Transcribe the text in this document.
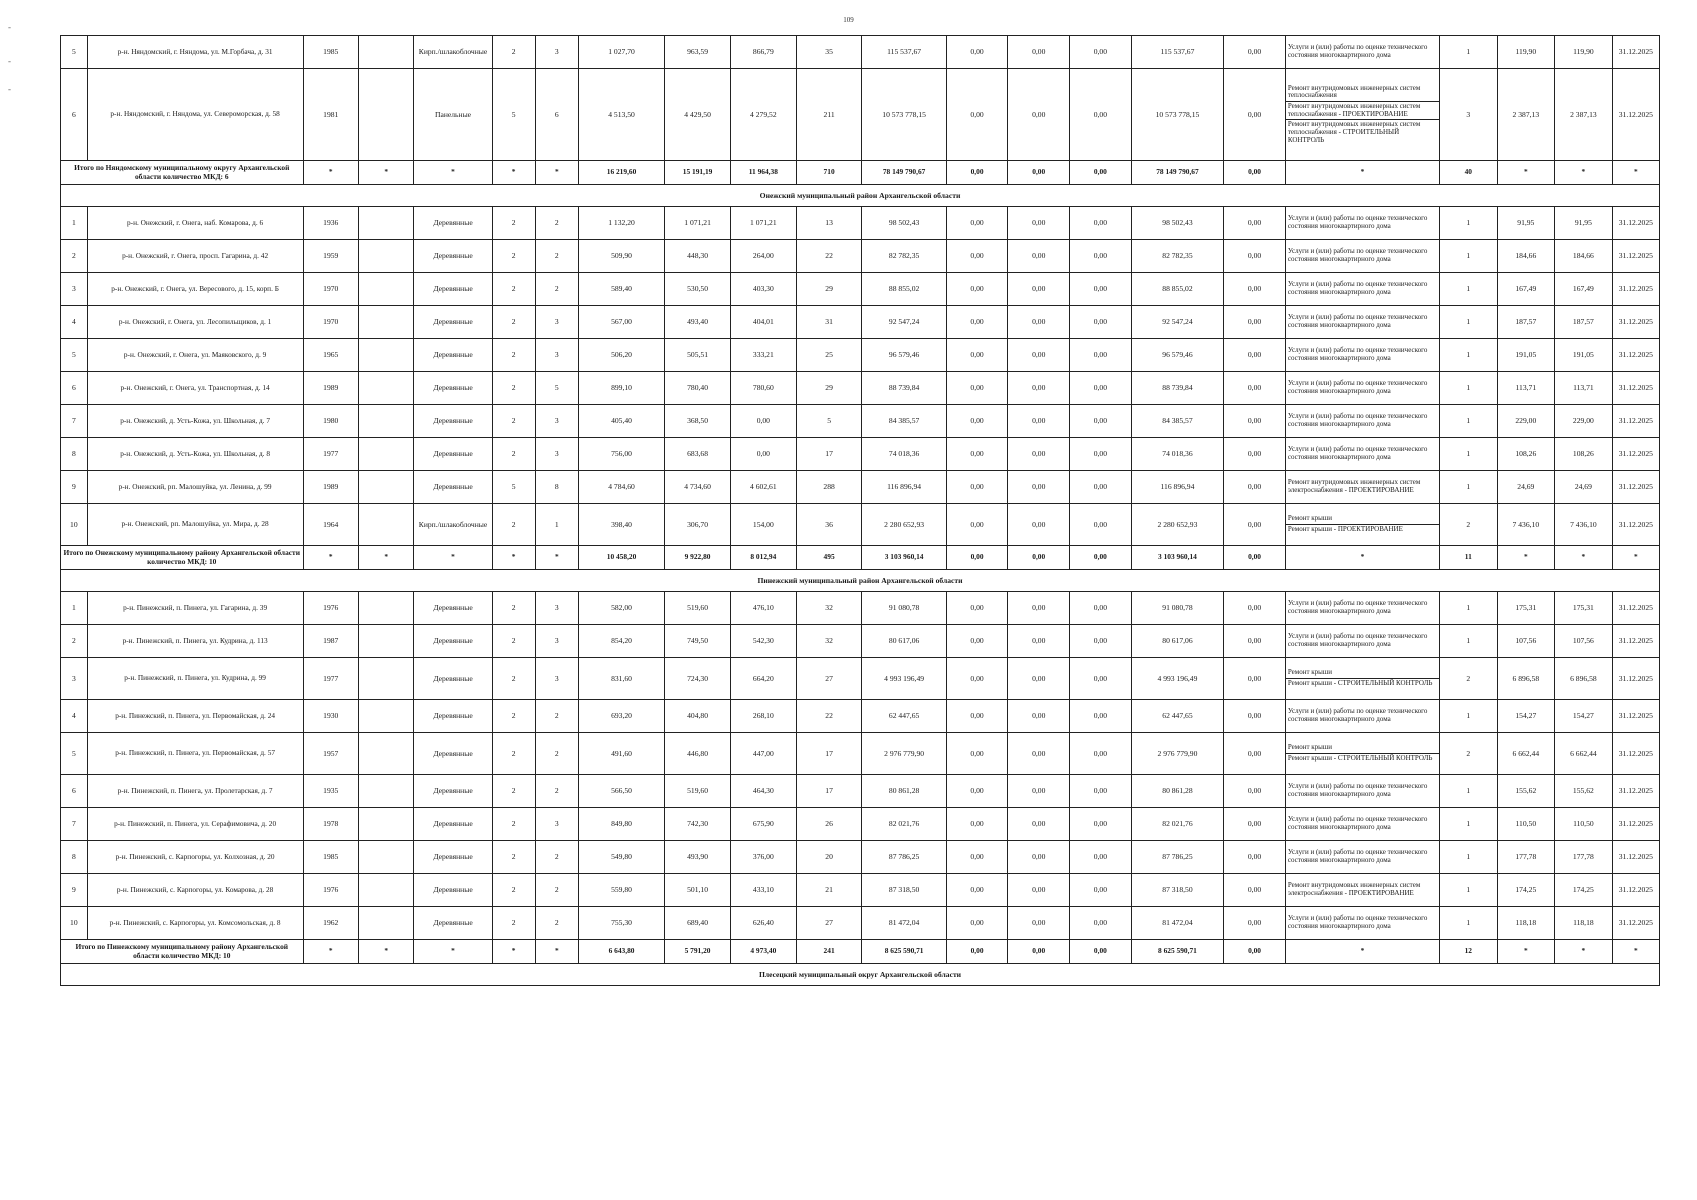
109
-
-
-
5	р-н. Няндомский, г. Няндома, ул. М.Горбача, д. 31	1985		Кирп./шлакоблочные	2	3	1 027,70	963,59	866,79	35	115 537,67	0,00	0,00	0,00	115 537,67	0,00	Услуги и (или) работы по оценке технического состояния многоквартирного дома	1	119,90	119,90	31.12.2025
6	р-н. Няндомский, г. Няндома, ул. Североморская, д. 58	1981		Панельные	5	6	4 513,50	4 429,50	4 279,52	211	10 573 778,15	0,00	0,00	0,00	10 573 778,15	0,00	Ремонт внутридомовых инженерных систем теплоснабжения
Ремонт внутридомовых инженерных систем теплоснабжения - ПРОЕКТИРОВАНИЕ
Ремонт внутридомовых инженерных систем теплоснабжения - СТРОИТЕЛЬНЫЙ КОНТРОЛЬ	3	2 387,13	2 387,13	31.12.2025
Итого по Няндомскому муниципальному округу Архангельской области количество МКД: 6		*	*	*	*	*	16 219,60	15 191,19	11 964,38	710	78 149 790,67	0,00	0,00	0,00	78 149 790,67	0,00	*	40	*	*	*
Онежский муниципальный район Архангельской области																					
1	р-н. Онежский, г. Онега, наб. Комарова, д. 6	1936		Деревянные	2	2	1 132,20	1 071,21	1 071,21	13	98 502,43	0,00	0,00	0,00	98 502,43	0,00	Услуги и (или) работы по оценке технического состояния многоквартирного дома	1	91,95	91,95	31.12.2025
2	р-н. Онежский, г. Онега, просп. Гагарина, д. 42	1959		Деревянные	2	2	509,90	448,30	264,00	22	82 782,35	0,00	0,00	0,00	82 782,35	0,00	Услуги и (или) работы по оценке технического состояния многоквартирного дома	1	184,66	184,66	31.12.2025
3	р-н. Онежский, г. Онега, ул. Вересового, д. 15, корп. Б	1970		Деревянные	2	2	589,40	530,50	403,30	29	88 855,02	0,00	0,00	0,00	88 855,02	0,00	Услуги и (или) работы по оценке технического состояния многоквартирного дома	1	167,49	167,49	31.12.2025
4	р-н. Онежский, г. Онега, ул. Лесопильщиков, д. 1	1970		Деревянные	2	3	567,00	493,40	404,01	31	92 547,24	0,00	0,00	0,00	92 547,24	0,00	Услуги и (или) работы по оценке технического состояния многоквартирного дома	1	187,57	187,57	31.12.2025
5	р-н. Онежский, г. Онега, ул. Маяковского, д. 9	1965		Деревянные	2	3	506,20	505,51	333,21	25	96 579,46	0,00	0,00	0,00	96 579,46	0,00	Услуги и (или) работы по оценке технического состояния многоквартирного дома	1	191,05	191,05	31.12.2025
6	р-н. Онежский, г. Онега, ул. Транспортная, д. 14	1989		Деревянные	2	5	899,10	780,40	780,60	29	88 739,84	0,00	0,00	0,00	88 739,84	0,00	Услуги и (или) работы по оценке технического состояния многоквартирного дома	1	113,71	113,71	31.12.2025
7	р-н. Онежский, д. Усть-Кожа, ул. Школьная, д. 7	1980		Деревянные	2	3	405,40	368,50	0,00	5	84 385,57	0,00	0,00	0,00	84 385,57	0,00	Услуги и (или) работы по оценке технического состояния многоквартирного дома	1	229,00	229,00	31.12.2025
8	р-н. Онежский, д. Усть-Кожа, ул. Школьная, д. 8	1977		Деревянные	2	3	756,00	683,68	0,00	17	74 018,36	0,00	0,00	0,00	74 018,36	0,00	Услуги и (или) работы по оценке технического состояния многоквартирного дома	1	108,26	108,26	31.12.2025
9	р-н. Онежский, рп. Малошуйка, ул. Ленина, д. 99	1989		Деревянные	5	8	4 784,60	4 734,60	4 602,61	288	116 896,94	0,00	0,00	0,00	116 896,94	0,00	Ремонт внутридомовых инженерных систем электроснабжения - ПРОЕКТИРОВАНИЕ	1	24,69	24,69	31.12.2025
10	р-н. Онежский, рп. Малошуйка, ул. Мира, д. 28	1964		Кирп./шлакоблочные	2	1	398,40	306,70	154,00	36	2 280 652,93	0,00	0,00	0,00	2 280 652,93	0,00	Ремонт крыши
Ремонт крыши - ПРОЕКТИРОВАНИЕ	2	7 436,10	7 436,10	31.12.2025
Итого по Онежскому муниципальному району Архангельской области количество МКД: 10		*	*	*	*	*	10 458,20	9 922,80	8 012,94	495	3 103 960,14	0,00	0,00	0,00	3 103 960,14	0,00	*	11	*	*	*
Пинежский муниципальный район Архангельской области																					
1	р-н. Пинежский, п. Пинега, ул. Гагарина, д. 39	1976		Деревянные	2	3	582,00	519,60	476,10	32	91 080,78	0,00	0,00	0,00	91 080,78	0,00	Услуги и (или) работы по оценке технического состояния многоквартирного дома	1	175,31	175,31	31.12.2025
2	р-н. Пинежский, п. Пинега, ул. Кудрина, д. 113	1987		Деревянные	2	3	854,20	749,50	542,30	32	80 617,06	0,00	0,00	0,00	80 617,06	0,00	Услуги и (или) работы по оценке технического состояния многоквартирного дома	1	107,56	107,56	31.12.2025
3	р-н. Пинежский, п. Пинега, ул. Кудрина, д. 99	1977		Деревянные	2	3	831,60	724,30	664,20	27	4 993 196,49	0,00	0,00	0,00	4 993 196,49	0,00	Ремонт крыши
Ремонт крыши - СТРОИТЕЛЬНЫЙ КОНТРОЛЬ	2	6 896,58	6 896,58	31.12.2025
4	р-н. Пинежский, п. Пинега, ул. Первомайская, д. 24	1930		Деревянные	2	2	693,20	404,80	268,10	22	62 447,65	0,00	0,00	0,00	62 447,65	0,00	Услуги и (или) работы по оценке технического состояния многоквартирного дома	1	154,27	154,27	31.12.2025
5	р-н. Пинежский, п. Пинега, ул. Первомайская, д. 57	1957		Деревянные	2	2	491,60	446,80	447,00	17	2 976 779,90	0,00	0,00	0,00	2 976 779,90	0,00	Ремонт крыши
Ремонт крыши - СТРОИТЕЛЬНЫЙ КОНТРОЛЬ	2	6 662,44	6 662,44	31.12.2025
6	р-н. Пинежский, п. Пинега, ул. Пролетарская, д. 7	1935		Деревянные	2	2	566,50	519,60	464,30	17	80 861,28	0,00	0,00	0,00	80 861,28	0,00	Услуги и (или) работы по оценке технического состояния многоквартирного дома	1	155,62	155,62	31.12.2025
7	р-н. Пинежский, п. Пинега, ул. Серафимовича, д. 20	1978		Деревянные	2	3	849,80	742,30	675,90	26	82 021,76	0,00	0,00	0,00	82 021,76	0,00	Услуги и (или) работы по оценке технического состояния многоквартирного дома	1	110,50	110,50	31.12.2025
8	р-н. Пинежский, с. Карпогоры, ул. Колхозная, д. 20	1985		Деревянные	2	2	549,80	493,90	376,00	20	87 786,25	0,00	0,00	0,00	87 786,25	0,00	Услуги и (или) работы по оценке технического состояния многоквартирного дома	1	177,78	177,78	31.12.2025
9	р-н. Пинежский, с. Карпогоры, ул. Комарова, д. 28	1976		Деревянные	2	2	559,80	501,10	433,10	21	87 318,50	0,00	0,00	0,00	87 318,50	0,00	Ремонт внутридомовых инженерных систем электроснабжения - ПРОЕКТИРОВАНИЕ	1	174,25	174,25	31.12.2025
10	р-н. Пинежский, с. Карпогоры, ул. Комсомольская, д. 8	1962		Деревянные	2	2	755,30	689,40	626,40	27	81 472,04	0,00	0,00	0,00	81 472,04	0,00	Услуги и (или) работы по оценке технического состояния многоквартирного дома	1	118,18	118,18	31.12.2025
Итого по Пинежскому муниципальному району Архангельской области количество МКД: 10		*	*	*	*	*	6 643,80	5 791,20	4 973,40	241	8 625 590,71	0,00	0,00	0,00	8 625 590,71	0,00	*	12	*	*	*
Плесецкий муниципальный округ Архангельской области																					
